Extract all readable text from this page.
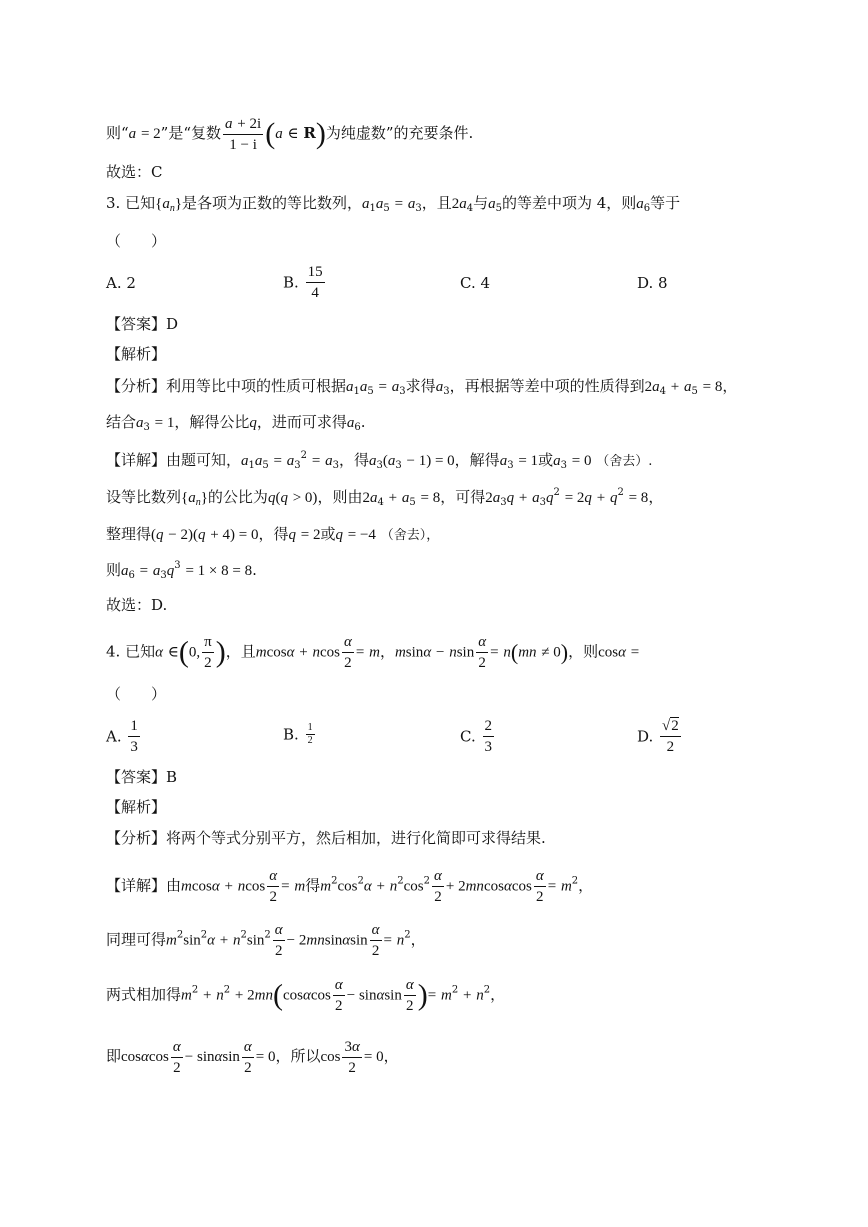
则“a = 2”是“复数 $\frac{a + 2i}{1 - i} (a$ ∈ R)为纯虚数”的充要条件.
故选：C
3. 已知$\{a_n\}$是各项为正数的等比数列，$a_1a_5 = a_3$，且$2a_4$与$a_5$的等差中项为 4，则$a_6$等于
（　　）
A. 2	B. $\frac{15}{4}$	C. 4	D. 8
【答案】D
【解析】
【分析】利用等比中项的性质可根据$a_1a_5 = a_3$求得$a_3$，再根据等差中项的性质得到$2a_4 + a_5 = 8$，
结合$a_3 = 1$，解得公比q，进而可求得$a_6$.
【详解】由题可知，$a_1a_5 = a_3^2 = a_3$，得$a_3(a_3 - 1) = 0$，解得$a_3 = 1$或$a_3 = 0$ （舍去）.
设等比数列$\{a_n\}$的公比为q(q > 0)，则由$2a_4 + a_5 = 8$，可得$2a_3q + a_3q^2 = 2q + q^2 = 8$，
整理得(q − 2)(q + 4) = 0，得q = 2或q = −4 （舍去），
则$a_6 = a_3q^3 = 1 \times 8 = 8$.
故选：D.
4. 已知α ∈(0, $\frac{\pi}{2}$ )，且mcosα + ncos $\frac{\alpha}{2} = m$，msinα − nsin $\frac{\alpha}{2} = n(mn \ne 0)$，则cosα =
（　　）
A. $\frac{1}{3}$	B. $\frac{1}{2}$	C. $\frac{2}{3}$	D. $\frac{√2}{2}$
【答案】B
【解析】
【分析】将两个等式分别平方，然后相加，进行化简即可求得结果.
【详解】由mcosα + ncos $\frac{\alpha}{2} = m$得$m^2\cos^2\alpha + n^2\cos^2 \frac{\alpha}{2} + 2mncos\alpha\cos \frac{\alpha}{2} = m^2$，
同理可得$m^2\sin^2\alpha + n^2\sin^2 \frac{\alpha}{2} - 2mnsin\alpha\sin \frac{\alpha}{2} = n^2$，
两式相加得$m^2 + n^2 + 2mn(\cos\alpha\cos \frac{\alpha}{2} - \sin\alpha\sin \frac{\alpha}{2}$ )= $m^2 + n^2$，
即cosαcos $\frac{\alpha}{2} - \sin\alpha\sin \frac{\alpha}{2} = 0$，所以$\cos \frac{3\alpha}{2} = 0$，
